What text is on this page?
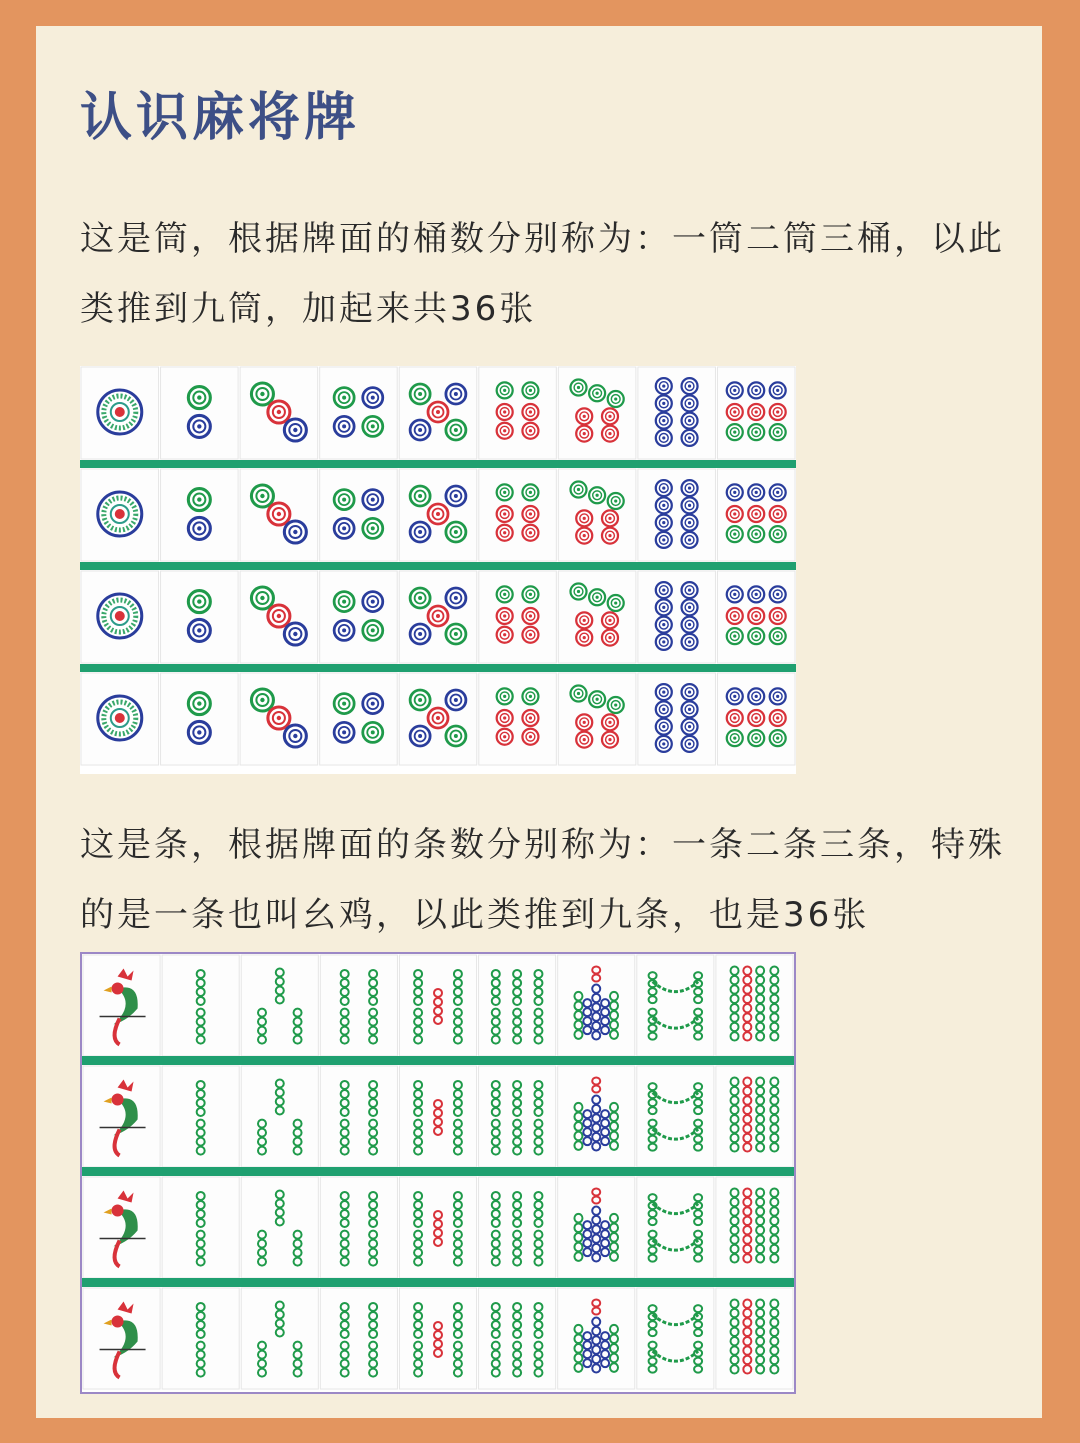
认识麻将牌
这是筒，根据牌面的桶数分别称为：一筒二筒三桶，以此类推到九筒，加起来共36张
这是条，根据牌面的条数分别称为：一条二条三条，特殊的是一条也叫幺鸡，以此类推到九条，也是36张
